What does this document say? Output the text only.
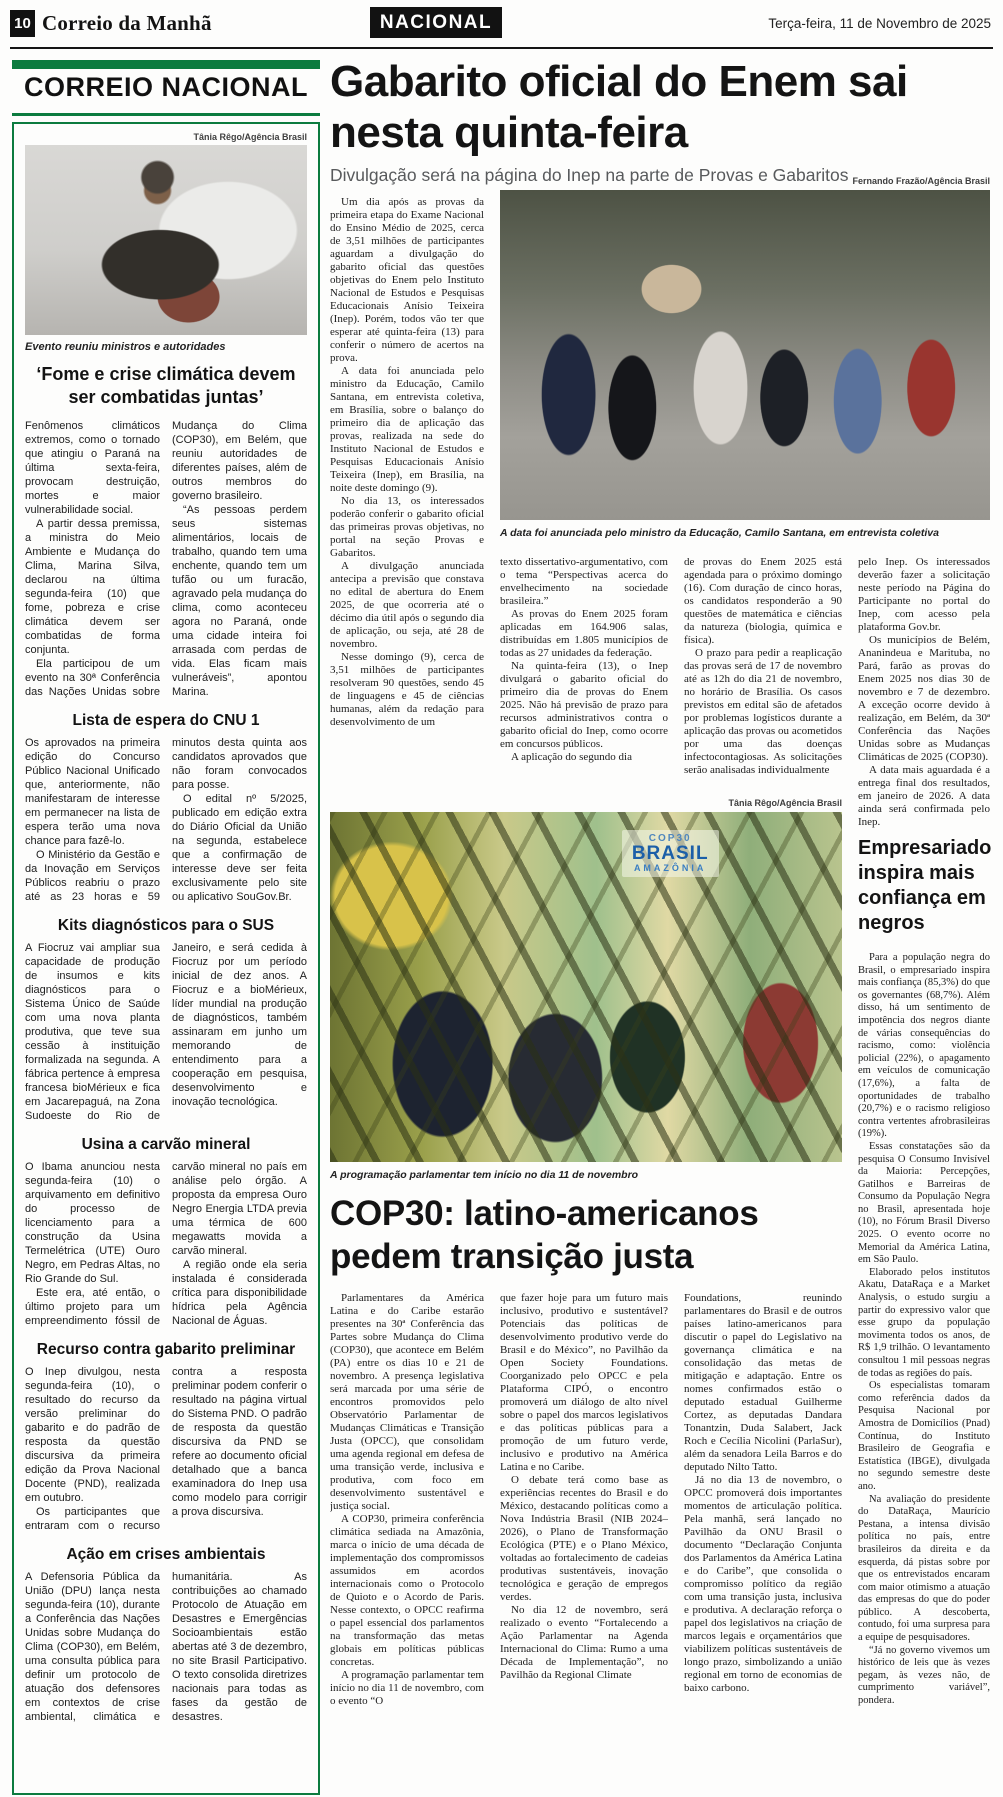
10 Correio da Manhã	NACIONAL	Terça-feira, 11 de Novembro de 2025
CORREIO NACIONAL
Tânia Rêgo/Agência Brasil
Evento reuniu ministros e autoridades
‘Fome e crise climática devem ser combatidas juntas’

Fenômenos climáticos extremos, como o tornado que atingiu o Paraná na última sexta-feira, provocam destruição, mortes e maior vulnerabilidade social.

A partir dessa premissa, a ministra do Meio Ambiente e Mudança do Clima, Marina Silva, declarou na última segunda-feira (10) que fome, pobreza e crise climática devem ser combatidas de forma conjunta.

Ela participou de um evento na 30ª Conferência das Nações Unidas sobre Mudança do Clima (COP30), em Belém, que reuniu autoridades de diferentes países, além de outros membros do governo brasileiro.

“As pessoas perdem seus sistemas alimentários, locais de trabalho, quando tem uma enchente, quando tem um tufão ou um furacão, agravado pela mudança do clima, como aconteceu agora no Paraná, onde uma cidade inteira foi arrasada com perdas de vida. Elas ficam mais vulneráveis”, apontou Marina.

Lista de espera do CNU 1

Os aprovados na primeira edição do Concurso Público Nacional Unificado que, anteriormente, não manifestaram de interesse em permanecer na lista de espera terão uma nova chance para fazê-lo.

O Ministério da Gestão e da Inovação em Serviços Públicos reabriu o prazo até as 23 horas e 59 minutos desta quinta aos candidatos aprovados que não foram convocados para posse.

O edital nº 5/2025, publicado em edição extra do Diário Oficial da União na segunda, estabelece que a confirmação de interesse deve ser feita exclusivamente pelo site ou aplicativo SouGov.Br.

Kits diagnósticos para o SUS

A Fiocruz vai ampliar sua capacidade de produção de insumos e kits diagnósticos para o Sistema Único de Saúde com uma nova planta produtiva, que teve sua cessão à instituição formalizada na segunda. A fábrica pertence à empresa francesa bioMérieux e fica em Jacarepaguá, na Zona Sudoeste do Rio de Janeiro, e será cedida à Fiocruz por um período inicial de dez anos. A Fiocruz e a bioMérieux, líder mundial na produção de diagnósticos, também assinaram em junho um memorando de entendimento para a cooperação em pesquisa, desenvolvimento e inovação tecnológica.

Usina a carvão mineral

O Ibama anunciou nesta segunda-feira (10) o arquivamento em definitivo do processo de licenciamento para a construção da Usina Termelétrica (UTE) Ouro Negro, em Pedras Altas, no Rio Grande do Sul.

Este era, até então, o último projeto para um empreendimento fóssil de carvão mineral no país em análise pelo órgão. A proposta da empresa Ouro Negro Energia LTDA previa uma térmica de 600 megawatts movida a carvão mineral.

A região onde ela seria instalada é considerada crítica para disponibilidade hídrica pela Agência Nacional de Águas.

Recurso contra gabarito preliminar

O Inep divulgou, nesta segunda-feira (10), o resultado do recurso da versão preliminar do gabarito e do padrão de resposta da questão discursiva da primeira edição da Prova Nacional Docente (PND), realizada em outubro.

Os participantes que entraram com o recurso contra a resposta preliminar podem conferir o resultado na página virtual do Sistema PND. O padrão de resposta da questão discursiva da PND se refere ao documento oficial detalhado que a banca examinadora do Inep usa como modelo para corrigir a prova discursiva.

Ação em crises ambientais

A Defensoria Pública da União (DPU) lança nesta segunda-feira (10), durante a Conferência das Nações Unidas sobre Mudança do Clima (COP30), em Belém, uma consulta pública para definir um protocolo de atuação dos defensores em contextos de crise ambiental, climática e humanitária. As contribuições ao chamado Protocolo de Atuação em Desastres e Emergências Socioambientais estão abertas até 3 de dezembro, no site Brasil Participativo. O texto consolida diretrizes nacionais para todas as fases da gestão de desastres.

Gabarito oficial do Enem sai nesta quinta-feira
Divulgação será na página do Inep na parte de Provas e Gabaritos Fernando Frazão/Agência Brasil
A data foi anunciada pelo ministro da Educação, Camilo Santana, em entrevista coletiva

Um dia após as provas da primeira etapa do Exame Nacional do Ensino Médio de 2025, cerca de 3,51 milhões de participantes aguardam a divulgação do gabarito oficial das questões objetivas do Enem pelo Instituto Nacional de Estudos e Pesquisas Educacionais Anísio Teixeira (Inep). Porém, todos vão ter que esperar até quinta-feira (13) para conferir o número de acertos na prova.

A data foi anunciada pelo ministro da Educação, Camilo Santana, em entrevista coletiva, em Brasília, sobre o balanço do primeiro dia de aplicação das provas, realizada na sede do Instituto Nacional de Estudos e Pesquisas Educacionais Anísio Teixeira (Inep), em Brasília, na noite deste domingo (9).

No dia 13, os interessados poderão conferir o gabarito oficial das primeiras provas objetivas, no portal na seção Provas e Gabaritos.

A divulgação anunciada antecipa a previsão que constava no edital de abertura do Enem 2025, de que ocorreria até o décimo dia útil após o segundo dia de aplicação, ou seja, até 28 de novembro.

Nesse domingo (9), cerca de 3,51 milhões de participantes resolveram 90 questões, sendo 45 de linguagens e 45 de ciências humanas, além da redação para desenvolvimento de um

texto dissertativo-argumentativo, com o tema “Perspectivas acerca do envelhecimento na sociedade brasileira.”

As provas do Enem 2025 foram aplicadas em 164.906 salas, distribuídas em 1.805 municípios de todas as 27 unidades da federação.

Na quinta-feira (13), o Inep divulgará o gabarito oficial do primeiro dia de provas do Enem 2025. Não há previsão de prazo para recursos administrativos contra o gabarito oficial do Inep, como ocorre em concursos públicos.

A aplicação do segundo dia

de provas do Enem 2025 está agendada para o próximo domingo (16). Com duração de cinco horas, os candidatos responderão a 90 questões de matemática e ciências da natureza (biologia, química e física).

O prazo para pedir a reaplicação das provas será de 17 de novembro até as 12h do dia 21 de novembro, no horário de Brasília. Os casos previstos em edital são de afetados por problemas logísticos durante a aplicação das provas ou acometidos por uma das doenças infectocontagiosas. As solicitações serão analisadas individualmente

pelo Inep. Os interessados deverão fazer a solicitação neste período na Página do Participante no portal do Inep, com acesso pela plataforma Gov.br.

Os municípios de Belém, Ananindeua e Marituba, no Pará, farão as provas do Enem 2025 nos dias 30 de novembro e 7 de dezembro. A exceção ocorre devido à realização, em Belém, da 30ª Conferência das Nações Unidas sobre as Mudanças Climáticas de 2025 (COP30).

A data mais aguardada é a entrega final dos resultados, em janeiro de 2026. A data ainda será confirmada pelo Inep.

Tânia Rêgo/Agência Brasil
COP30
BRASIL
AMAZÔNIA
A programação parlamentar tem início no dia 11 de novembro
COP30: latino-americanos pedem transição justa

Parlamentares da América Latina e do Caribe estarão presentes na 30ª Conferência das Partes sobre Mudança do Clima (COP30), que acontece em Belém (PA) entre os dias 10 e 21 de novembro. A presença legislativa será marcada por uma série de encontros promovidos pelo Observatório Parlamentar de Mudanças Climáticas e Transição Justa (OPCC), que consolidam uma agenda regional em defesa de uma transição verde, inclusiva e produtiva, com foco em desenvolvimento sustentável e justiça social.

A COP30, primeira conferência climática sediada na Amazônia, marca o início de uma década de implementação dos compromissos assumidos em acordos internacionais como o Protocolo de Quioto e o Acordo de Paris. Nesse contexto, o OPCC reafirma o papel essencial dos parlamentos na transformação das metas globais em políticas públicas concretas.

A programação parlamentar tem início no dia 11 de novembro, com o evento “O

que fazer hoje para um futuro mais inclusivo, produtivo e sustentável? Potenciais das políticas de desenvolvimento produtivo verde do Brasil e do México”, no Pavilhão da Open Society Foundations. Coorganizado pelo OPCC e pela Plataforma CIPÓ, o encontro promoverá um diálogo de alto nível sobre o papel dos marcos legislativos e das políticas públicas para a promoção de um futuro verde, inclusivo e produtivo na América Latina e no Caribe.

O debate terá como base as experiências recentes do Brasil e do México, destacando políticas como a Nova Indústria Brasil (NIB 2024–2026), o Plano de Transformação Ecológica (PTE) e o Plano México, voltadas ao fortalecimento de cadeias produtivas sustentáveis, inovação tecnológica e geração de empregos verdes.

No dia 12 de novembro, será realizado o evento “Fortalecendo a Ação Parlamentar na Agenda Internacional do Clima: Rumo a uma Década de Implementação”, no Pavilhão da Regional Climate

Foundations, reunindo parlamentares do Brasil e de outros países latino-americanos para discutir o papel do Legislativo na governança climática e na consolidação das metas de mitigação e adaptação. Entre os nomes confirmados estão o deputado estadual Guilherme Cortez, as deputadas Dandara Tonantzin, Duda Salabert, Jack Roch e Cecília Nicolini (ParlaSur), além da senadora Leila Barros e do deputado Nilto Tatto.

Já no dia 13 de novembro, o OPCC promoverá dois importantes momentos de articulação política. Pela manhã, será lançado no Pavilhão da ONU Brasil o documento “Declaração Conjunta dos Parlamentos da América Latina e do Caribe”, que consolida o compromisso político da região com uma transição justa, inclusiva e produtiva. A declaração reforça o papel dos legislativos na criação de marcos legais e orçamentários que viabilizem políticas sustentáveis de longo prazo, simbolizando a união regional em torno de economias de baixo carbono.

Empresariado inspira mais confiança em negros

Para a população negra do Brasil, o empresariado inspira mais confiança (85,3%) do que os governantes (68,7%). Além disso, há um sentimento de impotência dos negros diante de várias consequências do racismo, como: violência policial (22%), o apagamento em veículos de comunicação (17,6%), a falta de oportunidades de trabalho (20,7%) e o racismo religioso contra vertentes afrobrasileiras (19%).

Essas constatações são da pesquisa O Consumo Invisível da Maioria: Percepções, Gatilhos e Barreiras de Consumo da População Negra no Brasil, apresentada hoje (10), no Fórum Brasil Diverso 2025. O evento ocorre no Memorial da América Latina, em São Paulo.

Elaborado pelos institutos Akatu, DataRaça e a Market Analysis, o estudo surgiu a partir do expressivo valor que esse grupo da população movimenta todos os anos, de R$ 1,9 trilhão. O levantamento consultou 1 mil pessoas negras de todas as regiões do país.

Os especialistas tomaram como referência dados da Pesquisa Nacional por Amostra de Domicílios (Pnad) Contínua, do Instituto Brasileiro de Geografia e Estatística (IBGE), divulgada no segundo semestre deste ano.

Na avaliação do presidente do DataRaça, Maurício Pestana, a intensa divisão política no país, entre brasileiros da direita e da esquerda, dá pistas sobre por que os entrevistados encaram com maior otimismo a atuação das empresas do que do poder público. A descoberta, contudo, foi uma surpresa para a equipe de pesquisadores.

“Já no governo vivemos um histórico de leis que às vezes pegam, às vezes não, de cumprimento variável”, pondera.
